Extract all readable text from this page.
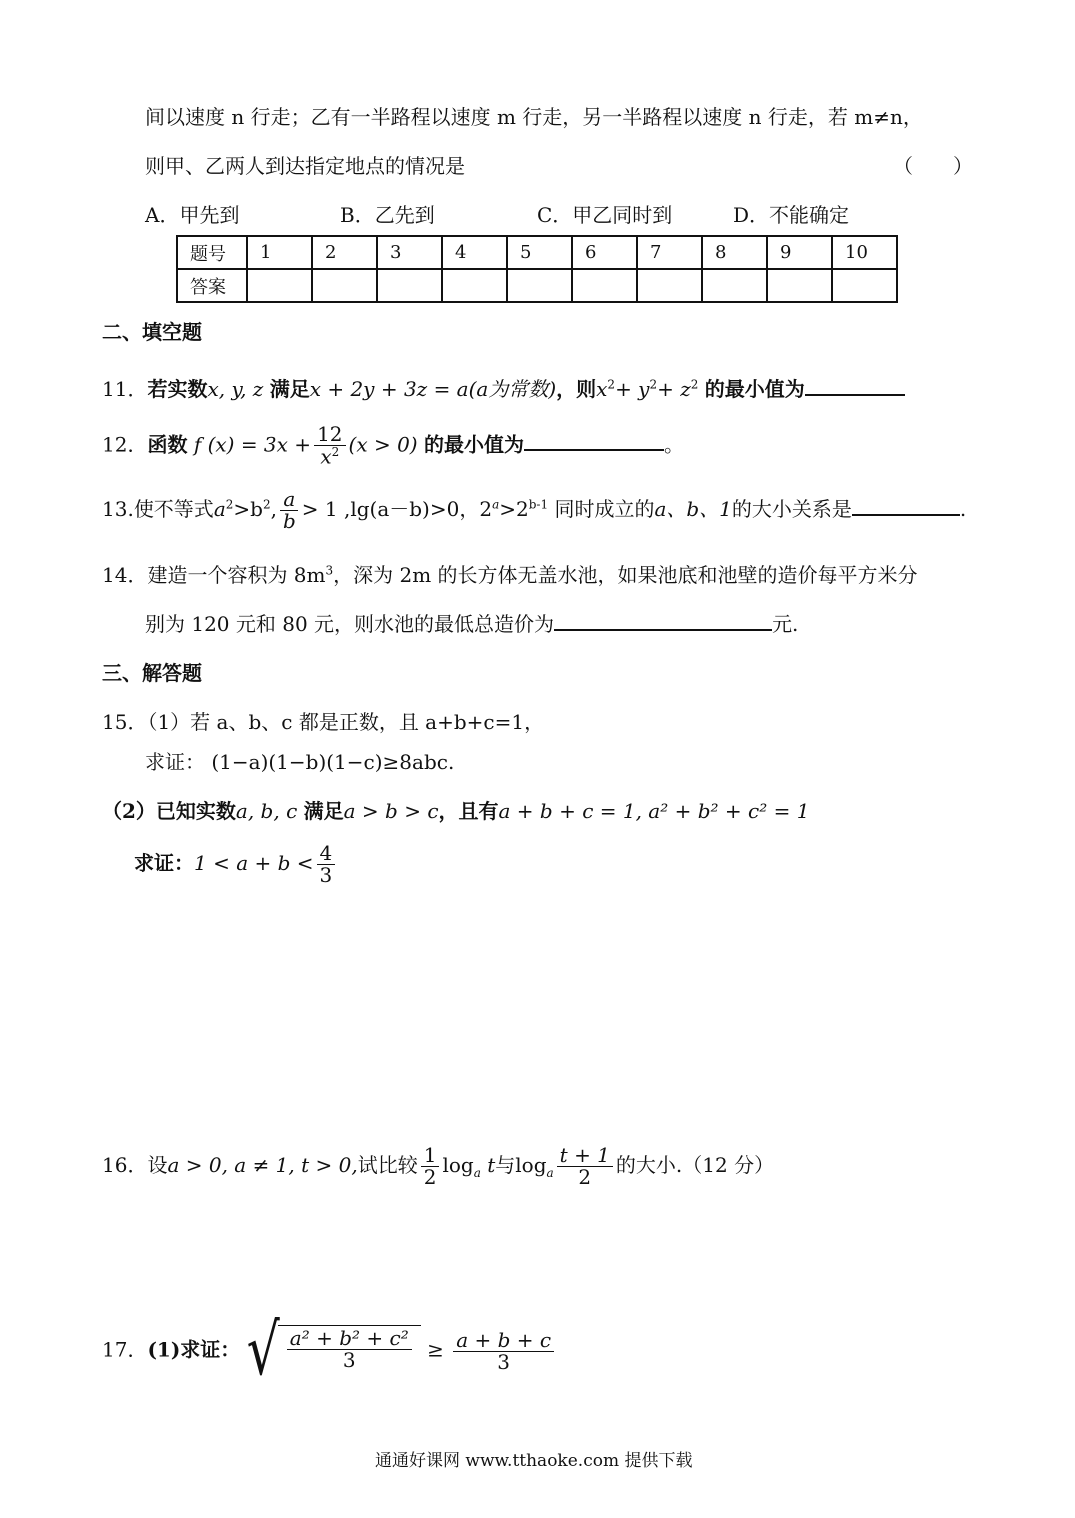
间以速度 n 行走；乙有一半路程以速度 m 行走，另一半路程以速度 n 行走，若 m≠n，
则甲、乙两人到达指定地点的情况是	（　　）
A．甲先到	B．乙先到	C．甲乙同时到	D．不能确定
题号	1	2	3	4	5	6	7	8	9	10
答案										
二、填空题
11．若实数x, y, z 满足x + 2y + 3z = a(a为常数)，则$x^2+ y^2+ z^2$ 的最小值为
12．函数 f $(x) = 3x + \frac{12}{x^2} (x > 0)$ 的最小值为	。
13.使不等式$a^2>b^2$, $\frac{a}{b} > 1$ ,lg(a－b)>0，$2^a>2^{b-1}$ 同时成立的a、b、1的大小关系是	.
14．建造一个容积为 $8m^3$，深为 2m 的长方体无盖水池，如果池底和池壁的造价每平方米分
别为 120 元和 80 元，则水池的最低总造价为	元.
三、解答题
15．（1）若 a、b、c 都是正数，且 a+b+c=1，
求证： (1−a)(1−b)(1−c)≥8abc.
（2）已知实数a, b, c 满足a > b > c，且有a + b + c = 1, a² + b² + c² = 1
求证：$1 < a + b < \frac{4}{3}$
16．设a > 0, a ≠ 1, t > 0,试比较 $\frac{1}{2} \log_a t$与$\log_a \frac{t + 1}{2}$ 的大小.（12 分）
17．(1)求证： √ $\frac{\text{a² + b² + c²}}{3} \ge \frac{a + b + c}{3}$
通通好课网 www.tthaoke.com 提供下载
